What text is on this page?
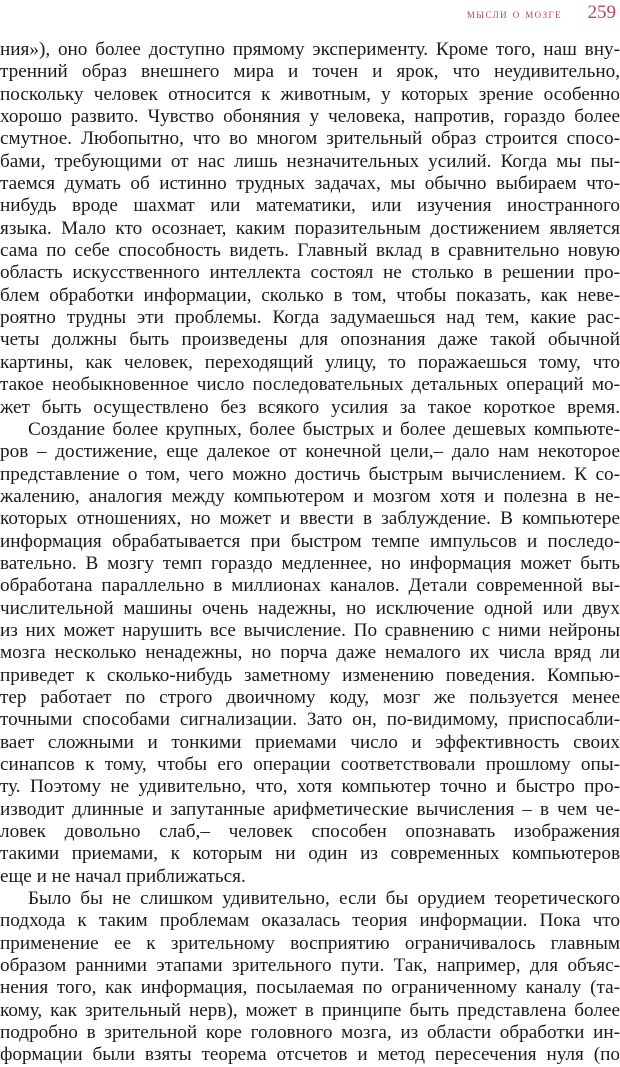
мысли о мозге 259
ния»), оно более доступно прямому эксперименту. Кроме того, наш вну-
тренний образ внешнего мира и точен и ярок, что неудивительно,
поскольку человек относится к животным, у которых зрение особенно
хорошо развито. Чувство обоняния у человека, напротив, гораздо более
смутное. Любопытно, что во многом зрительный образ строится спосо-
бами, требующими от нас лишь незначительных усилий. Когда мы пы-
таемся думать об истинно трудных задачах, мы обычно выбираем что-
нибудь вроде шахмат или математики, или изучения иностранного
языка. Мало кто осознает, каким поразительным достижением является
сама по себе способность видеть. Главный вклад в сравнительно новую
область искусственного интеллекта состоял не столько в решении про-
блем обработки информации, сколько в том, чтобы показать, как неве-
роятно трудны эти проблемы. Когда задумаешься над тем, какие рас-
четы должны быть произведены для опознания даже такой обычной
картины, как человек, переходящий улицу, то поражаешься тому, что
такое необыкновенное число последовательных детальных операций мо-
жет быть осуществлено без всякого усилия за такое короткое время.
Создание более крупных, более быстрых и более дешевых компьюте-
ров – достижение, еще далекое от конечной цели,– дало нам некоторое
представление о том, чего можно достичь быстрым вычислением. К со-
жалению, аналогия между компьютером и мозгом хотя и полезна в не-
которых отношениях, но может и ввести в заблуждение. В компьютере
информация обрабатывается при быстром темпе импульсов и последо-
вательно. В мозгу темп гораздо медленнее, но информация может быть
обработана параллельно в миллионах каналов. Детали современной вы-
числительной машины очень надежны, но исключение одной или двух
из них может нарушить все вычисление. По сравнению с ними нейроны
мозга несколько ненадежны, но порча даже немалого их числа вряд ли
приведет к сколько-нибудь заметному изменению поведения. Компью-
тер работает по строго двоичному коду, мозг же пользуется менее
точными способами сигнализации. Зато он, по-видимому, приспосабли-
вает сложными и тонкими приемами число и эффективность своих
синапсов к тому, чтобы его операции соответствовали прошлому опы-
ту. Поэтому не удивительно, что, хотя компьютер точно и быстро про-
изводит длинные и запутанные арифметические вычисления – в чем че-
ловек довольно слаб,– человек способен опознавать изображения
такими приемами, к которым ни один из современных компьютеров
еще и не начал приближаться.
Было бы не слишком удивительно, если бы орудием теоретического
подхода к таким проблемам оказалась теория информации. Пока что
применение ее к зрительному восприятию ограничивалось главным
образом ранними этапами зрительного пути. Так, например, для объяс-
нения того, как информация, посылаемая по ограниченному каналу (та-
кому, как зрительный нерв), может в принципе быть представлена более
подробно в зрительной коре головного мозга, из области обработки ин-
формации были взяты теорема отсчетов и метод пересечения нуля (по
